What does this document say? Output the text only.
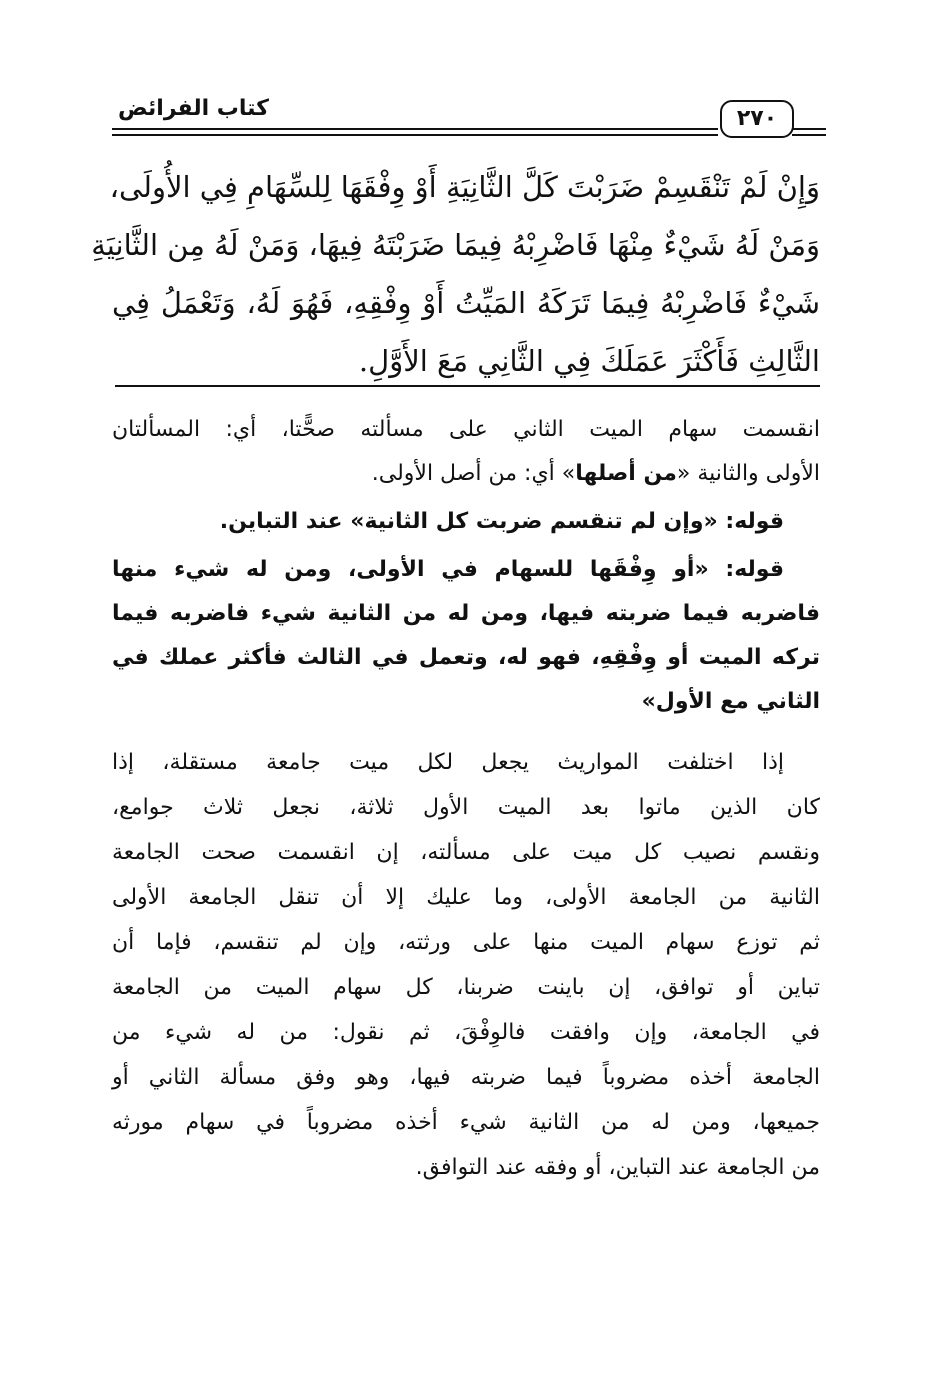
كتاب الفرائض	٢٧٠
وَإِنْ لَمْ تَنْقَسِمْ ضَرَبْتَ كَلَّ الثَّانِيَةِ أَوْ وِفْقَهَا لِلسِّهَامِ فِي الأُولَى،
وَمَنْ لَهُ شَيْءٌ مِنْهَا فَاضْرِبْهُ فِيمَا ضَرَبْتَهُ فِيهَا، وَمَنْ لَهُ مِن الثَّانِيَةِ
شَيْءٌ فَاضْرِبْهُ فِيمَا تَرَكَهُ المَيِّتُ أَوْ وِفْقِهِ، فَهُوَ لَهُ، وَتَعْمَلُ فِي
الثَّالِثِ فَأَكْثَرَ عَمَلَكَ فِي الثَّانِي مَعَ الأَوَّلِ.
انقسمت سهام الميت الثاني على مسألته صحًّتا، أي: المسألتان
الأولى والثانية «من أصلها» أي: من أصل الأولى.
قوله: «وإن لم تنقسم ضربت كل الثانية» عند التباين.
قوله: «أو وِفْقَها للسهام في الأولى، ومن له شيء منها
فاضربه فيما ضربته فيها، ومن له من الثانية شيء فاضربه فيما
تركه الميت أو وِفْقِهِ، فهو له، وتعمل في الثالث فأكثر عملك في
الثاني مع الأول»
إذا اختلفت المواريث يجعل لكل ميت جامعة مستقلة، إذا
كان الذين ماتوا بعد الميت الأول ثلاثة، نجعل ثلاث جوامع،
ونقسم نصيب كل ميت على مسألته، إن انقسمت صحت الجامعة
الثانية من الجامعة الأولى، وما عليك إلا أن تنقل الجامعة الأولى
ثم توزع سهام الميت منها على ورثته، وإن لم تنقسم، فإما أن
تباين أو توافق، إن باينت ضربنا، كل سهام الميت من الجامعة
في الجامعة، وإن وافقت فالوِفْقَ، ثم نقول: من له شيء من
الجامعة أخذه مضروباً فيما ضربته فيها، وهو وفق مسألة الثاني أو
جميعها، ومن له من الثانية شيء أخذه مضروباً في سهام مورثه
من الجامعة عند التباين، أو وفقه عند التوافق.
